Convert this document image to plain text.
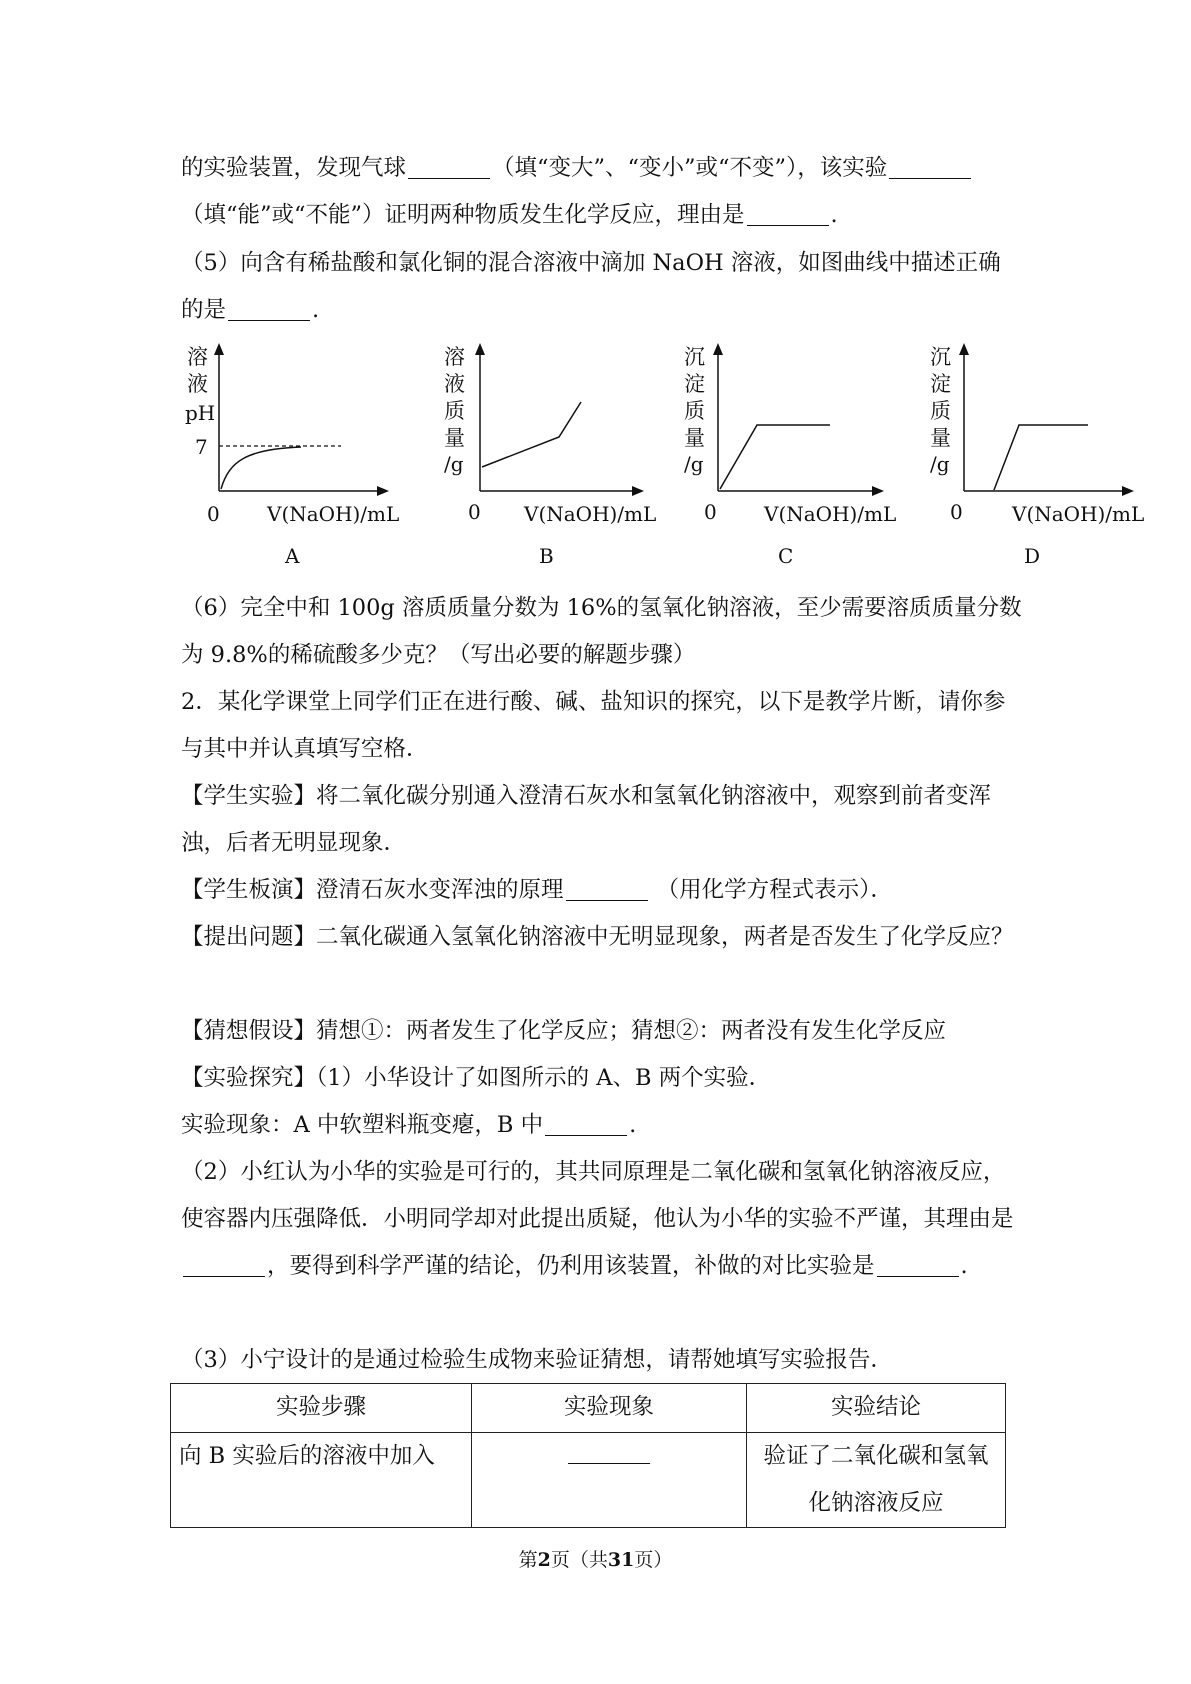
的实验装置，发现气球	（填“变大”、“变小”或“不变”），该实验（填“能”或“不能”）证明两种物质发生化学反应，理由是	.

（5）向含有稀盐酸和氯化铜的混合溶液中滴加 NaOH 溶液，如图曲线中描述正确的是	.

溶
液
pH
7
0 V(NaOH)/mL
A
溶
液
质
量
/g
0 V(NaOH)/mL
B
沉
淀
质
量
/g
0 V(NaOH)/mL
C
沉
淀
质
量
/g
0 V(NaOH)/mL
D

（6）完全中和 100g 溶质质量分数为 16%的氢氧化钠溶液，至少需要溶质质量分数为 9.8%的稀硫酸多少克？（写出必要的解题步骤）

2．某化学课堂上同学们正在进行酸、碱、盐知识的探究，以下是教学片断，请你参与其中并认真填写空格．

【学生实验】将二氧化碳分别通入澄清石灰水和氢氧化钠溶液中，观察到前者变浑浊，后者无明显现象．

【学生板演】澄清石灰水变浑浊的原理	（用化学方程式表示）．

【提出问题】二氧化碳通入氢氧化钠溶液中无明显现象，两者是否发生了化学反应？

【猜想假设】猜想①：两者发生了化学反应；猜想②：两者没有发生化学反应

【实验探究】（1）小华设计了如图所示的 A、B 两个实验．

实验现象：A 中软塑料瓶变瘪，B 中	.

（2）小红认为小华的实验是可行的，其共同原理是二氧化碳和氢氧化钠溶液反应，使容器内压强降低．小明同学却对此提出质疑，他认为小华的实验不严谨，其理由是，要得到科学严谨的结论，仍利用该装置，补做的对比实验是	.

（3）小宁设计的是通过检验生成物来验证猜想，请帮她填写实验报告．

实验步骤	实验现象	实验结论
向 B 实验后的溶液中加入		验证了二氧化碳和氢氧化钠溶液反应
第2页（共31页）
